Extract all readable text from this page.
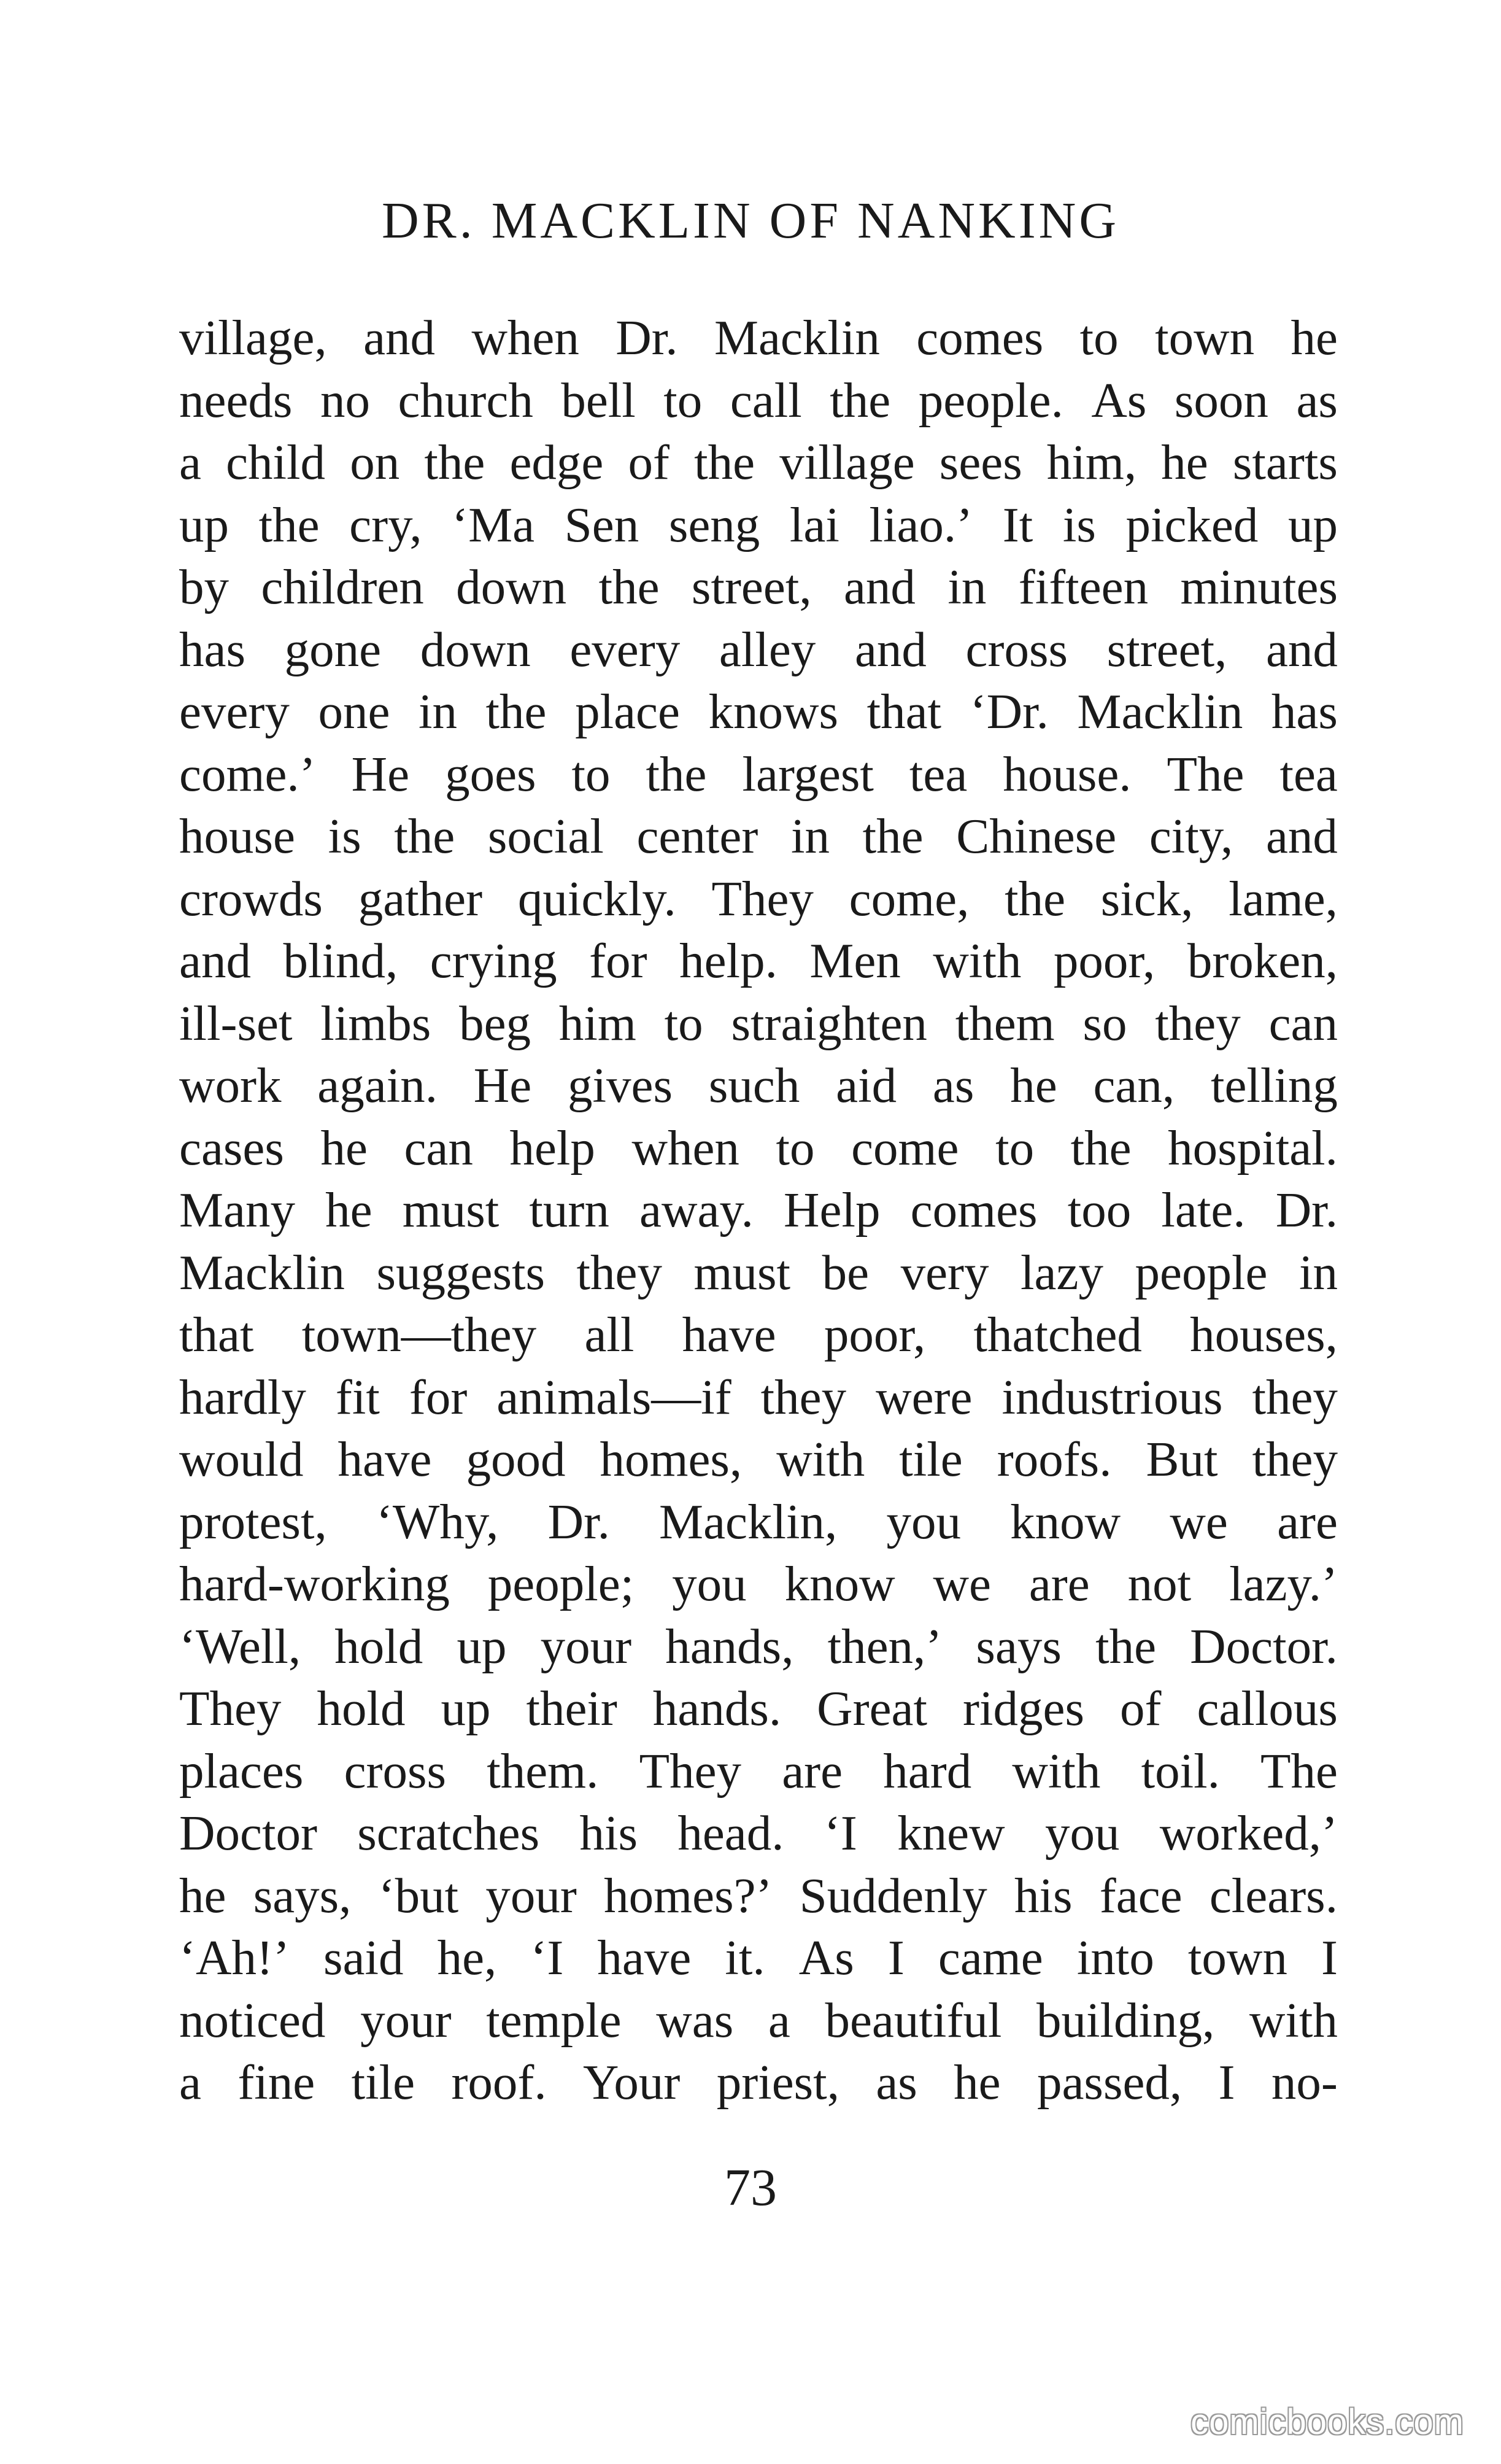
DR. MACKLIN OF NANKING
village, and when Dr. Macklin comes to town he
needs no church bell to call the people. As soon as
a child on the edge of the village sees him, he starts
up the cry, ‘Ma Sen seng lai liao.’ It is picked up
by children down the street, and in fifteen minutes
has gone down every alley and cross street, and
every one in the place knows that ‘Dr. Macklin has
come.’ He goes to the largest tea house. The tea
house is the social center in the Chinese city, and
crowds gather quickly. They come, the sick, lame,
and blind, crying for help. Men with poor, broken,
ill-set limbs beg him to straighten them so they can
work again. He gives such aid as he can, telling
cases he can help when to come to the hospital.
Many he must turn away. Help comes too late. Dr.
Macklin suggests they must be very lazy people in
that town—they all have poor, thatched houses,
hardly fit for animals—if they were industrious they
would have good homes, with tile roofs. But they
protest, ‘Why, Dr. Macklin, you know we are
hard-working people; you know we are not lazy.’
‘Well, hold up your hands, then,’ says the Doctor.
They hold up their hands. Great ridges of callous
places cross them. They are hard with toil. The
Doctor scratches his head. ‘I knew you worked,’
he says, ‘but your homes?’ Suddenly his face clears.
‘Ah!’ said he, ‘I have it. As I came into town I
noticed your temple was a beautiful building, with
a fine tile roof. Your priest, as he passed, I no-
73
comicbooks.com
